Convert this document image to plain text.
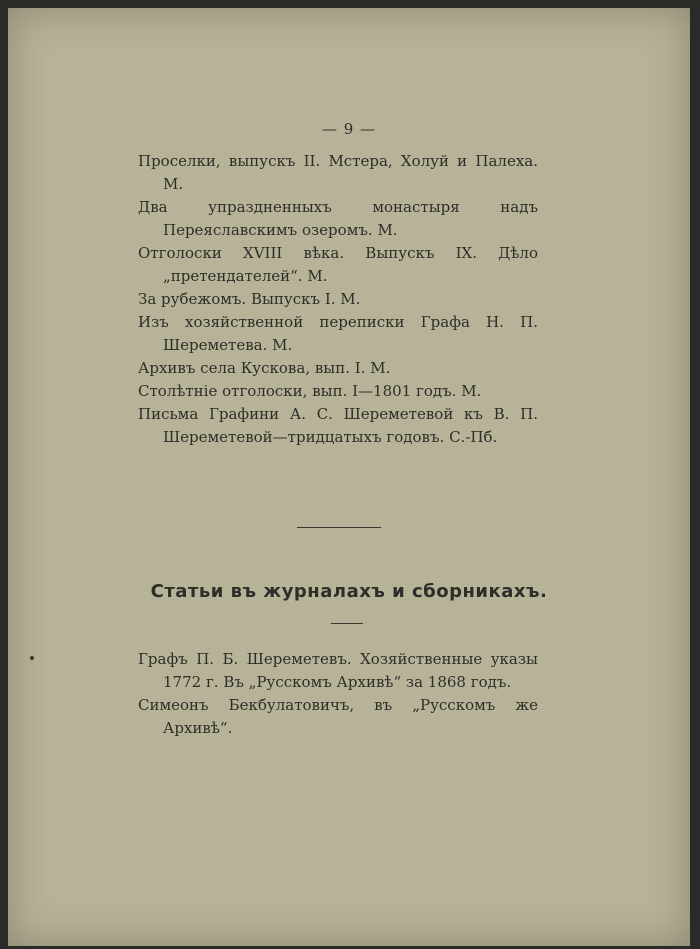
— 9 —
Проселки, выпускъ II. Мстера, Холуй и Палеха. М.
Два упраздненныхъ монастыря надъ Переяславскимъ озеромъ. М.
Отголоски XVIII вѣка. Выпускъ IX. Дѣло „претендателей“. М.
За рубежомъ. Выпускъ I. М.
Изъ хозяйственной переписки Графа Н. П. Шереметева. М.
Архивъ села Кускова, вып. I. М.
Столѣтніе отголоски, вып. I—1801 годъ. М.
Письма Графини А. С. Шереметевой къ В. П. Шереметевой—тридцатыхъ годовъ. С.-Пб.
Статьи въ журналахъ и сборникахъ.
Графъ П. Б. Шереметевъ. Хозяйственные указы 1772 г. Въ „Русскомъ Архивѣ“ за 1868 годъ.
Симеонъ Бекбулатовичъ, въ „Русскомъ же Архивѣ“.
